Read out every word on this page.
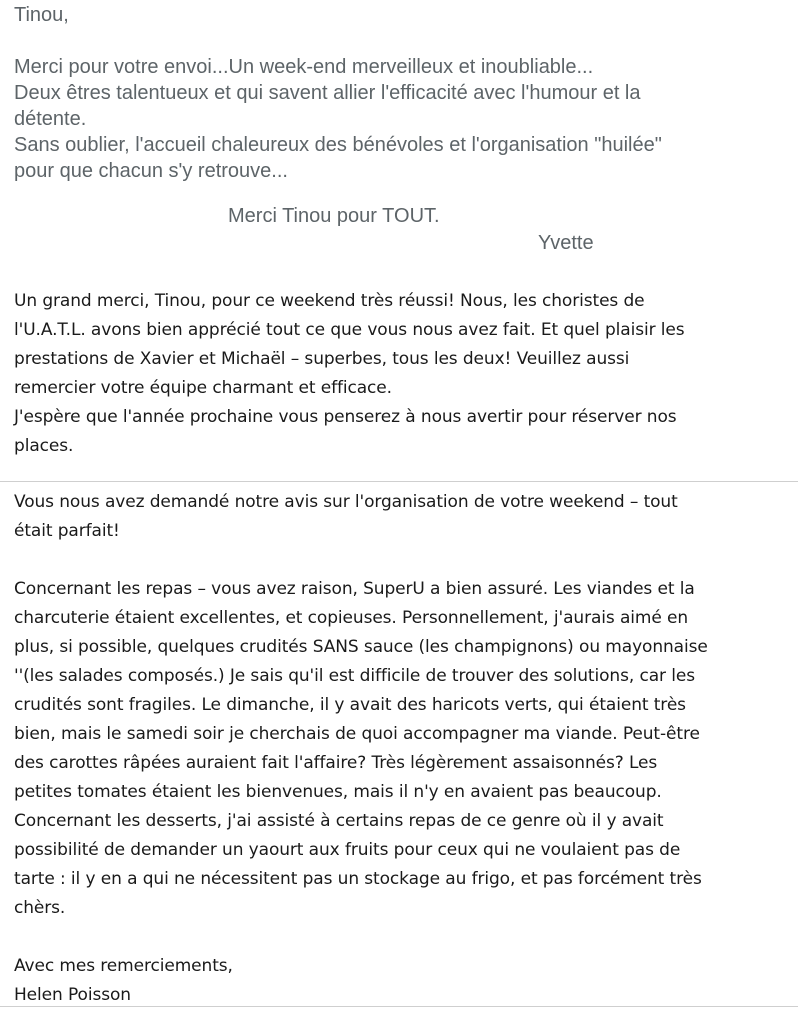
Tinou,

Merci pour votre envoi...Un week-end merveilleux et inoubliable...

Deux êtres talentueux et qui savent allier l'efficacité avec l'humour et la

détente.

Sans oublier, l'accueil chaleureux des bénévoles et l'organisation "huilée"

pour que chacun s'y retrouve...

Merci Tinou pour TOUT.

Yvette

Un grand merci, Tinou, pour ce weekend très réussi! Nous, les choristes de

l'U.A.T.L. avons bien apprécié tout ce que vous nous avez fait. Et quel plaisir les

prestations de Xavier et Michaël – superbes, tous les deux! Veuillez aussi

remercier votre équipe charmant et efficace.

J'espère que l'année prochaine vous penserez à nous avertir pour réserver nos

places.

Vous nous avez demandé notre avis sur l'organisation de votre weekend – tout

était parfait!

Concernant les repas – vous avez raison, SuperU a bien assuré. Les viandes et la

charcuterie étaient excellentes, et copieuses. Personnellement, j'aurais aimé en

plus, si possible, quelques crudités SANS sauce (les champignons) ou mayonnaise

''(les salades composés.) Je sais qu'il est difficile de trouver des solutions, car les

crudités sont fragiles. Le dimanche, il y avait des haricots verts, qui étaient très

bien, mais le samedi soir je cherchais de quoi accompagner ma viande. Peut-être

des carottes râpées auraient fait l'affaire? Très légèrement assaisonnés? Les

petites tomates étaient les bienvenues, mais il n'y en avaient pas beaucoup.

Concernant les desserts, j'ai assisté à certains repas de ce genre où il y avait

possibilité de demander un yaourt aux fruits pour ceux qui ne voulaient pas de

tarte : il y en a qui ne nécessitent pas un stockage au frigo, et pas forcément très

chèrs.

Avec mes remerciements,

Helen Poisson
